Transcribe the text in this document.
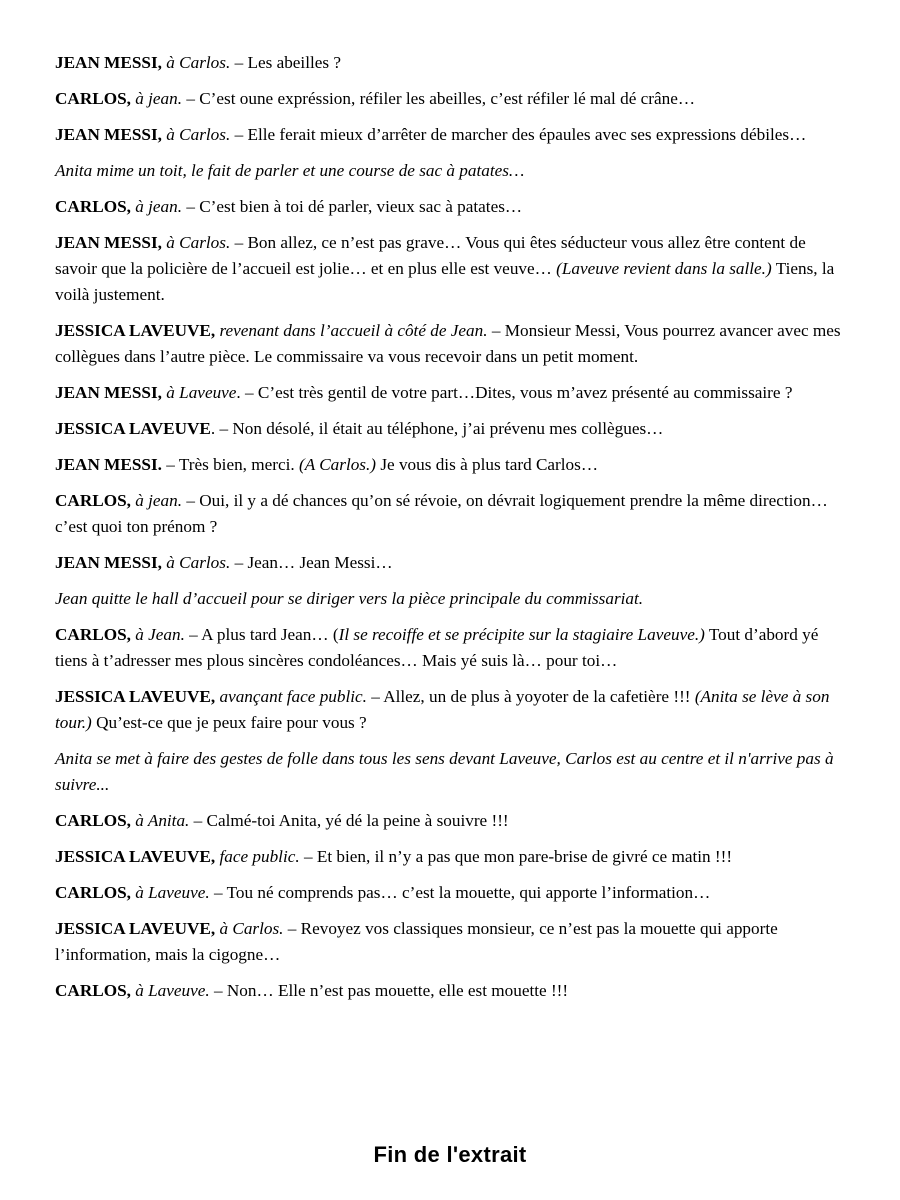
JEAN MESSI, à Carlos. – Les abeilles ?

CARLOS, à jean. – C’est oune expréssion, réfiler les abeilles, c’est réfiler lé mal dé crâne…

JEAN MESSI, à Carlos. – Elle ferait mieux d’arrêter de marcher des épaules avec ses expressions débiles…

Anita mime un toit, le fait de parler et une course de sac à patates…

CARLOS, à jean. – C’est bien à toi dé parler, vieux sac à patates…

JEAN MESSI, à Carlos. – Bon allez, ce n’est pas grave… Vous qui êtes séducteur vous allez être content de savoir que la policière de l’accueil est jolie… et en plus elle est veuve… (Laveuve revient dans la salle.) Tiens, la voilà justement.

JESSICA LAVEUVE, revenant dans l’accueil à côté de Jean. – Monsieur Messi, Vous pourrez avancer avec mes collègues dans l’autre pièce. Le commissaire va vous recevoir dans un petit moment.

JEAN MESSI, à Laveuve. – C’est très gentil de votre part…Dites, vous m’avez présenté au commissaire ?

JESSICA LAVEUVE. – Non désolé, il était au téléphone, j’ai prévenu mes collègues…

JEAN MESSI. – Très bien, merci. (A Carlos.) Je vous dis à plus tard Carlos…

CARLOS, à jean. – Oui, il y a dé chances qu’on sé révoie, on dévrait logiquement prendre la même direction… c’est quoi ton prénom ?

JEAN MESSI, à Carlos. – Jean… Jean Messi…

Jean quitte le hall d’accueil pour se diriger vers la pièce principale du commissariat.

CARLOS, à Jean. – A plus tard Jean… (Il se recoiffe et se précipite sur la stagiaire Laveuve.) Tout d’abord yé tiens à t’adresser mes plous sincères condoléances… Mais yé suis là… pour toi…

JESSICA LAVEUVE, avançant face public. – Allez, un de plus à yoyoter de la cafetière !!! (Anita se lève à son tour.) Qu’est-ce que je peux faire pour vous ?

Anita se met à faire des gestes de folle dans tous les sens devant Laveuve, Carlos est au centre et il n'arrive pas à suivre...

CARLOS, à Anita. – Calmé-toi Anita, yé dé la peine à souivre !!!

JESSICA LAVEUVE, face public. – Et bien, il n’y a pas que mon pare-brise de givré ce matin !!!

CARLOS, à Laveuve. – Tou né comprends pas… c’est la mouette, qui apporte l’information…

JESSICA LAVEUVE, à Carlos. – Revoyez vos classiques monsieur, ce n’est pas la mouette qui apporte l’information, mais la cigogne…

CARLOS, à Laveuve. – Non… Elle n’est pas mouette, elle est mouette !!!

Fin de l'extrait
